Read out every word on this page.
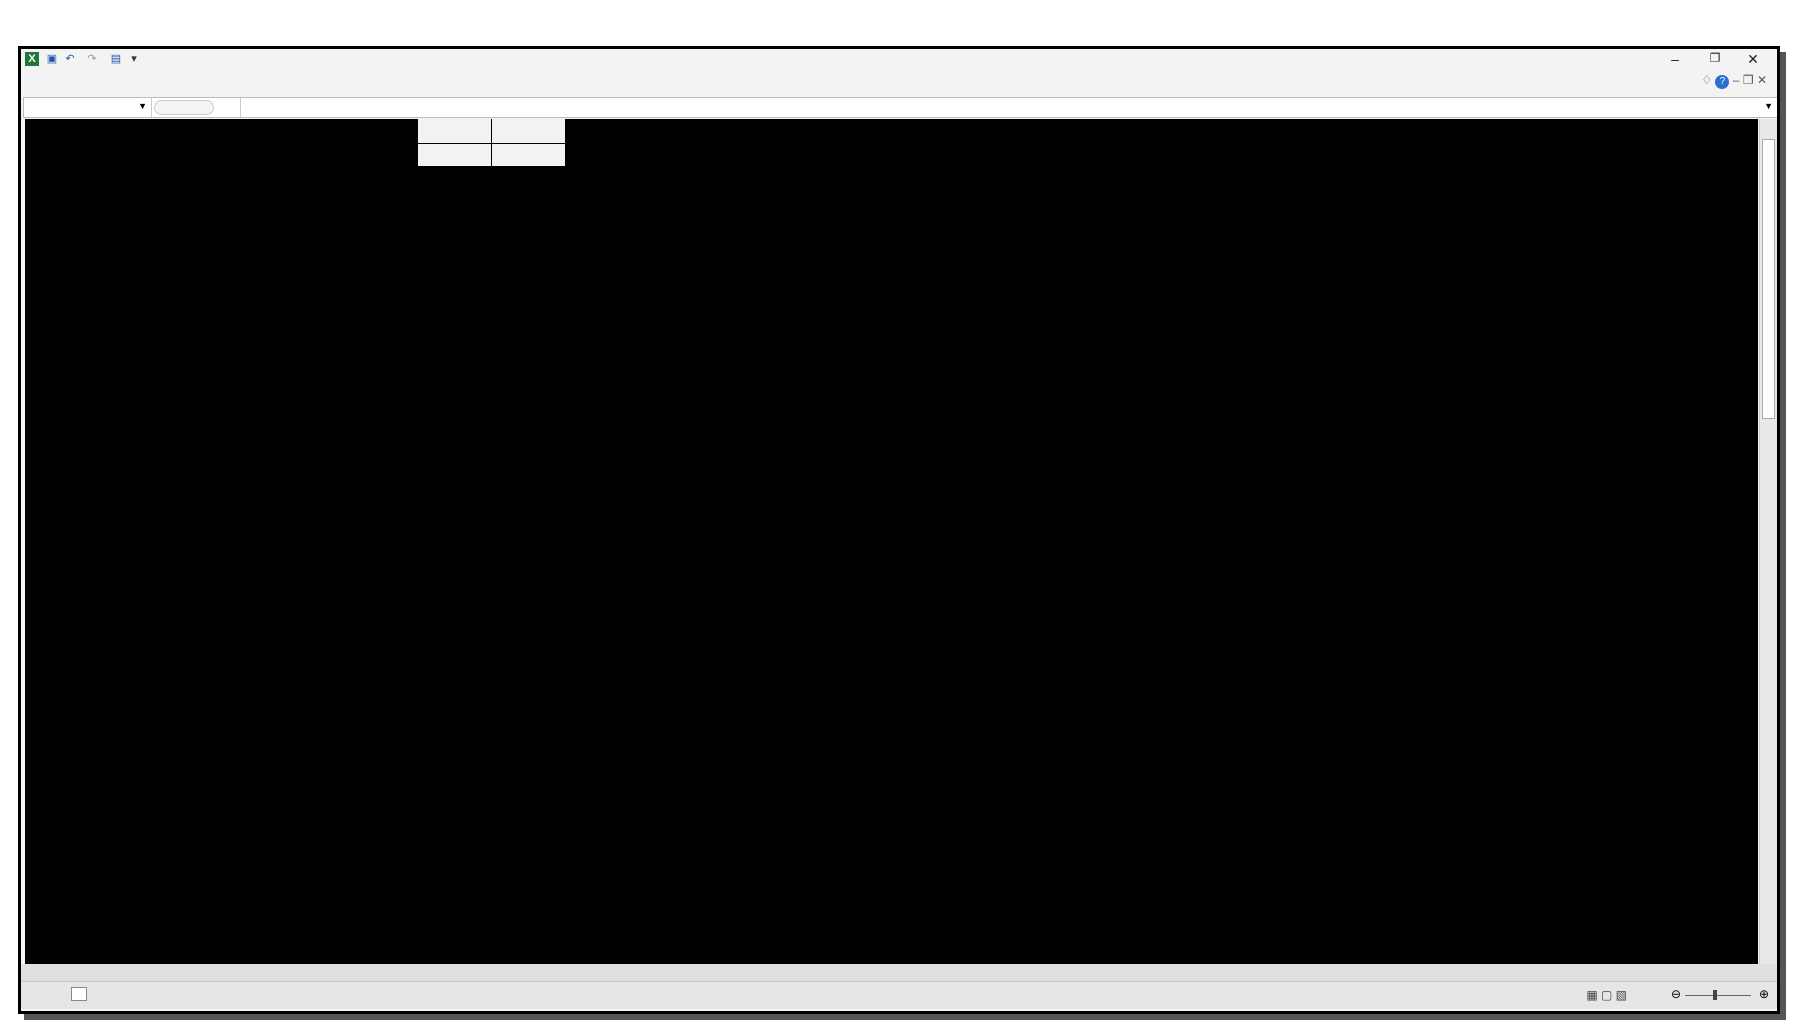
X	▣ ↶ ↷ ▤ ▾	–	❐	✕
♢ ? – ❐ ✕
▼	▼
▦ ▢ ▧	⊖	⊕
